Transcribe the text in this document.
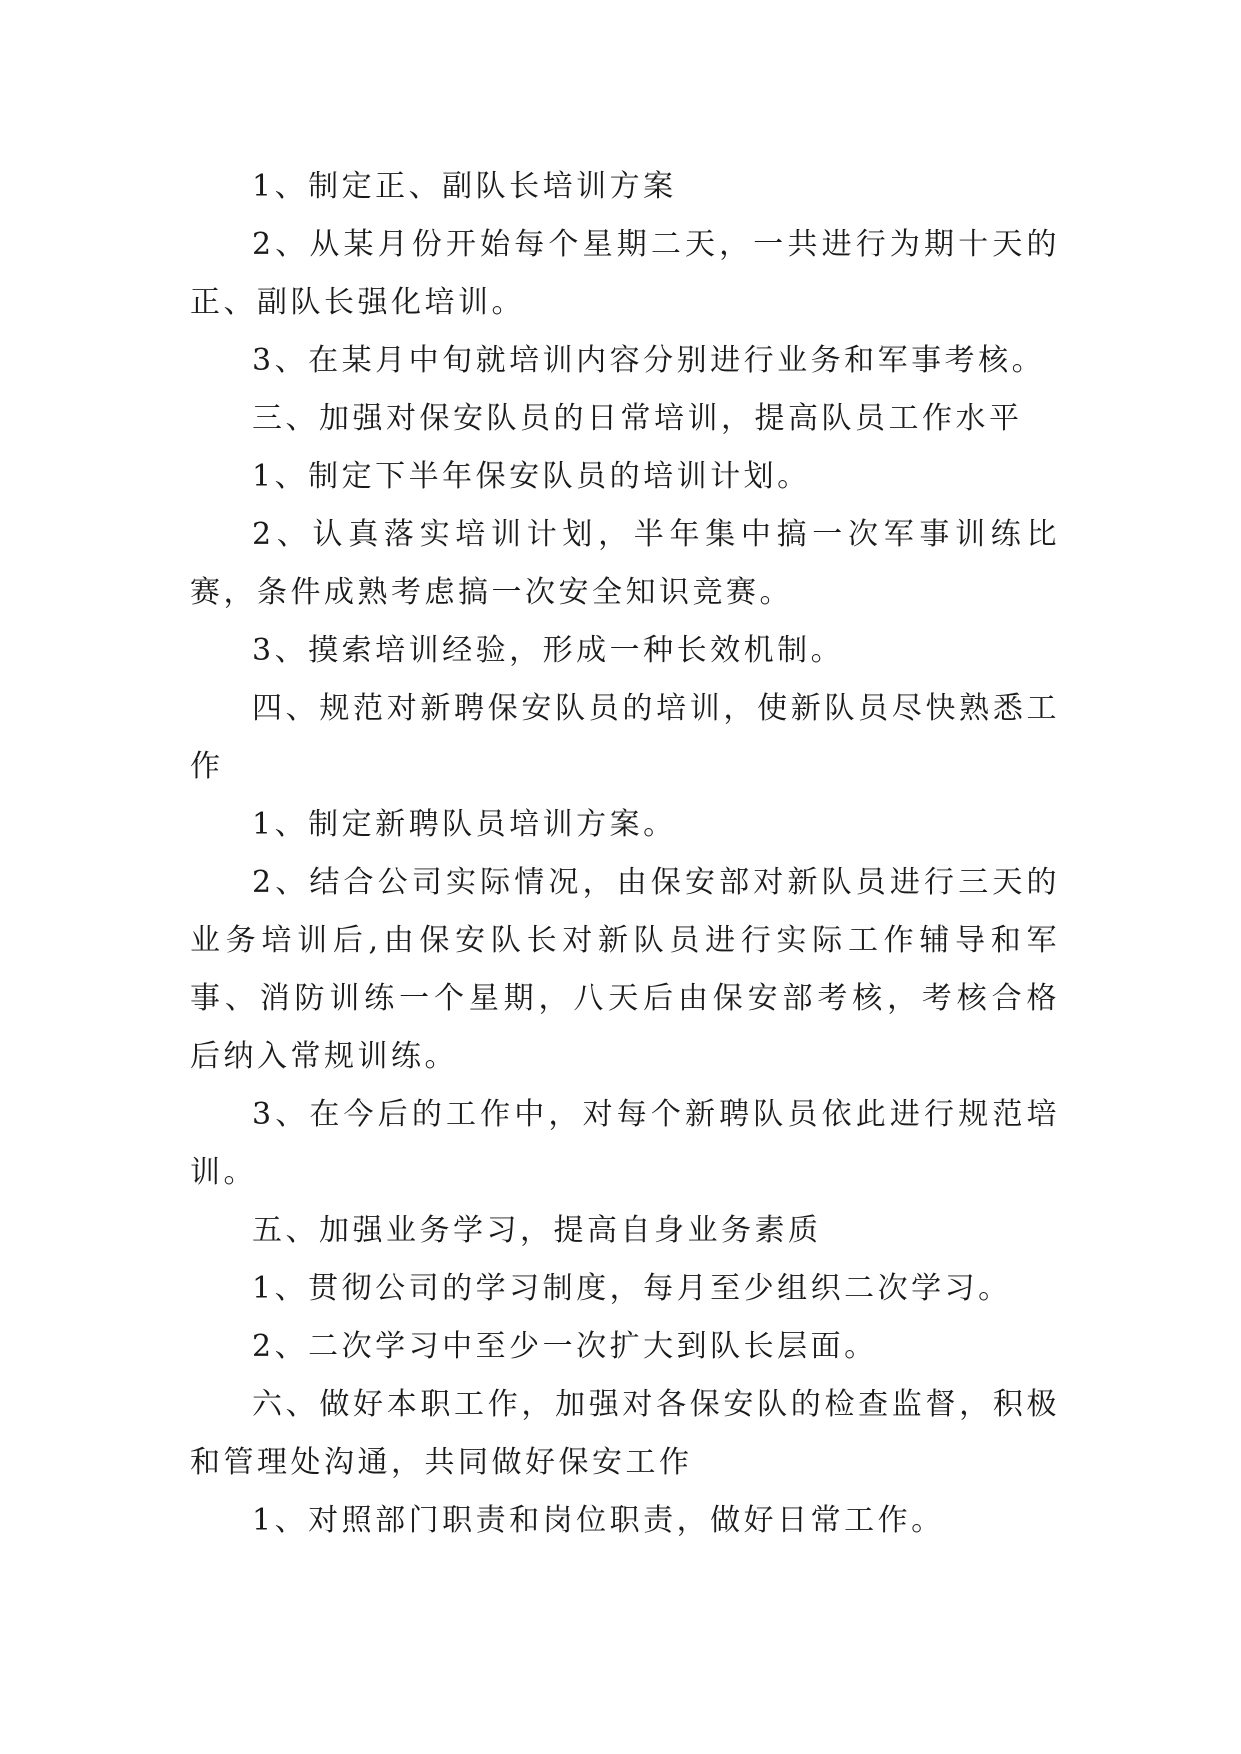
1、制定正、副队长培训方案

2、从某月份开始每个星期二天，一共进行为期十天的正、副队长强化培训。

3、在某月中旬就培训内容分别进行业务和军事考核。

三、加强对保安队员的日常培训，提高队员工作水平

1、制定下半年保安队员的培训计划。

2、认真落实培训计划，半年集中搞一次军事训练比赛，条件成熟考虑搞一次安全知识竞赛。

3、摸索培训经验，形成一种长效机制。

四、规范对新聘保安队员的培训，使新队员尽快熟悉工作

1、制定新聘队员培训方案。

2、结合公司实际情况，由保安部对新队员进行三天的业务培训后,由保安队长对新队员进行实际工作辅导和军事、消防训练一个星期，八天后由保安部考核，考核合格后纳入常规训练。

3、在今后的工作中，对每个新聘队员依此进行规范培训。

五、加强业务学习，提高自身业务素质

1、贯彻公司的学习制度，每月至少组织二次学习。

2、二次学习中至少一次扩大到队长层面。

六、做好本职工作，加强对各保安队的检查监督，积极和管理处沟通，共同做好保安工作

1、对照部门职责和岗位职责，做好日常工作。
